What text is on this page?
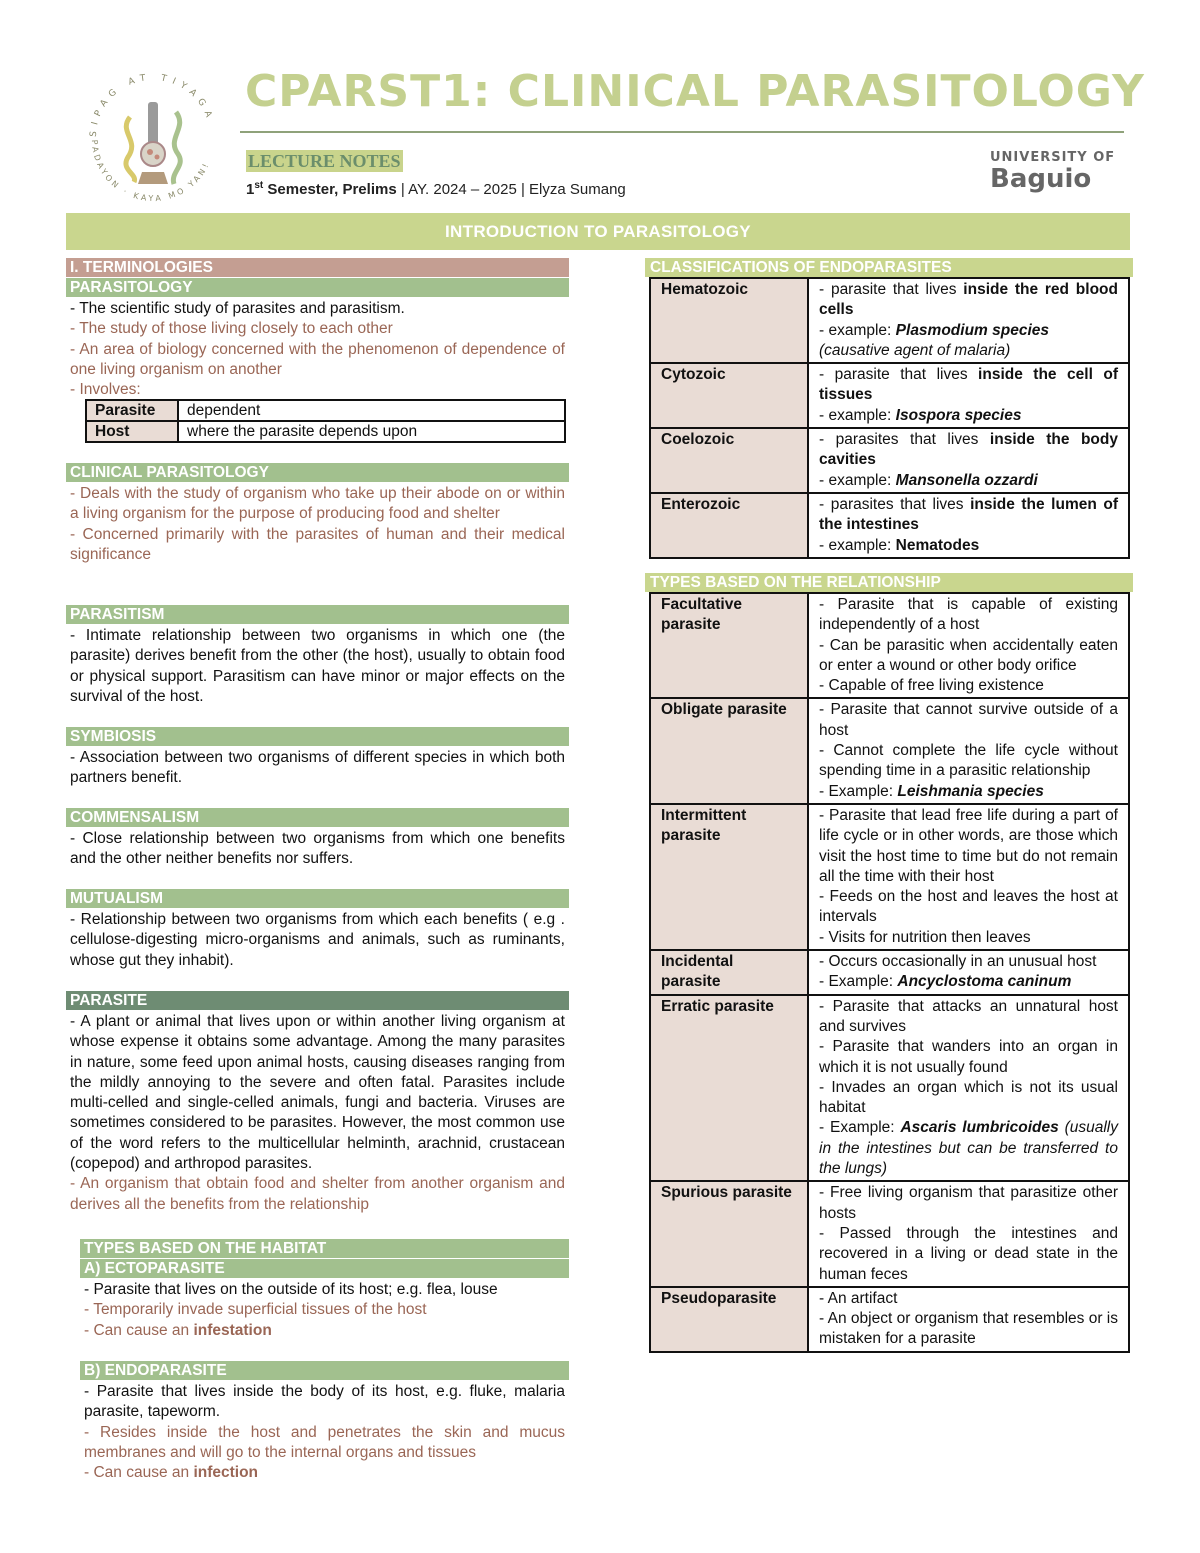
SIPAG AT TIYAGA
PADAYON · KAYA MO YAN!
CPARST1: CLINICAL PARASITOLOGY
LECTURE NOTES
1st Semester, Prelims | AY. 2024 – 2025 | Elyza Sumang
UNIVERSITY OF
Baguio
INTRODUCTION TO PARASITOLOGY
I. TERMINOLOGIES
PARASITOLOGY

- The scientific study of parasites and parasitism.

- The study of those living closely to each other

- An area of biology concerned with the phenomenon of dependence of one living organism on another

- Involves:

Parasite	dependent
Host	where the parasite depends upon
CLINICAL PARASITOLOGY

- Deals with the study of organism who take up their abode on or within a living organism for the purpose of producing food and shelter

- Concerned primarily with the parasites of human and their medical significance

PARASITISM
- Intimate relationship between two organisms in which one (the parasite) derives benefit from the other (the host), usually to obtain food or physical support. Parasitism can have minor or major effects on the survival of the host.
SYMBIOSIS
- Association between two organisms of different species in which both partners benefit.
COMMENSALISM
- Close relationship between two organisms from which one benefits and the other neither benefits nor suffers.
MUTUALISM
- Relationship between two organisms from which each benefits ( e.g . cellulose-digesting micro-organisms and animals, such as ruminants, whose gut they inhabit).
PARASITE

- A plant or animal that lives upon or within another living organism at whose expense it obtains some advantage. Among the many parasites in nature, some feed upon animal hosts, causing diseases ranging from the mildly annoying to the severe and often fatal. Parasites include multi-celled and single-celled animals, fungi and bacteria. Viruses are sometimes considered to be parasites. However, the most common use of the word refers to the multicellular helminth, arachnid, crustacean (copepod) and arthropod parasites.

- An organism that obtain food and shelter from another organism and derives all the benefits from the relationship

TYPES BASED ON THE HABITAT
A) ECTOPARASITE

- Parasite that lives on the outside of its host; e.g. flea, louse

- Temporarily invade superficial tissues of the host

- Can cause an infestation

B) ENDOPARASITE

- Parasite that lives inside the body of its host, e.g. fluke, malaria parasite, tapeworm.

- Resides inside the host and penetrates the skin and mucus membranes and will go to the internal organs and tissues

- Can cause an infection

CLASSIFICATIONS OF ENDOPARASITES
Hematozoic	- parasite that lives inside the red blood cells
- example: Plasmodium species
(causative agent of malaria)
Cytozoic	- parasite that lives inside the cell of tissues
- example: Isospora species
Coelozoic	- parasites that lives inside the body cavities
- example: Mansonella ozzardi
Enterozoic	- parasites that lives inside the lumen of the intestines
- example: Nematodes
TYPES BASED ON THE RELATIONSHIP
Facultative parasite	- Parasite that is capable of existing independently of a host
- Can be parasitic when accidentally eaten or enter a wound or other body orifice
- Capable of free living existence
Obligate parasite	- Parasite that cannot survive outside of a host
- Cannot complete the life cycle without spending time in a parasitic relationship
- Example: Leishmania species
Intermittent parasite	- Parasite that lead free life during a part of life cycle or in other words, are those which visit the host time to time but do not remain all the time with their host
- Feeds on the host and leaves the host at intervals
- Visits for nutrition then leaves
Incidental parasite	- Occurs occasionally in an unusual host
- Example: Ancyclostoma caninum
Erratic parasite	- Parasite that attacks an unnatural host and survives
- Parasite that wanders into an organ in which it is not usually found
- Invades an organ which is not its usual habitat
- Example: Ascaris lumbricoides (usually in the intestines but can be transferred to the lungs)
Spurious parasite	- Free living organism that parasitize other hosts
- Passed through the intestines and recovered in a living or dead state in the human feces
Pseudoparasite	- An artifact
- An object or organism that resembles or is mistaken for a parasite
